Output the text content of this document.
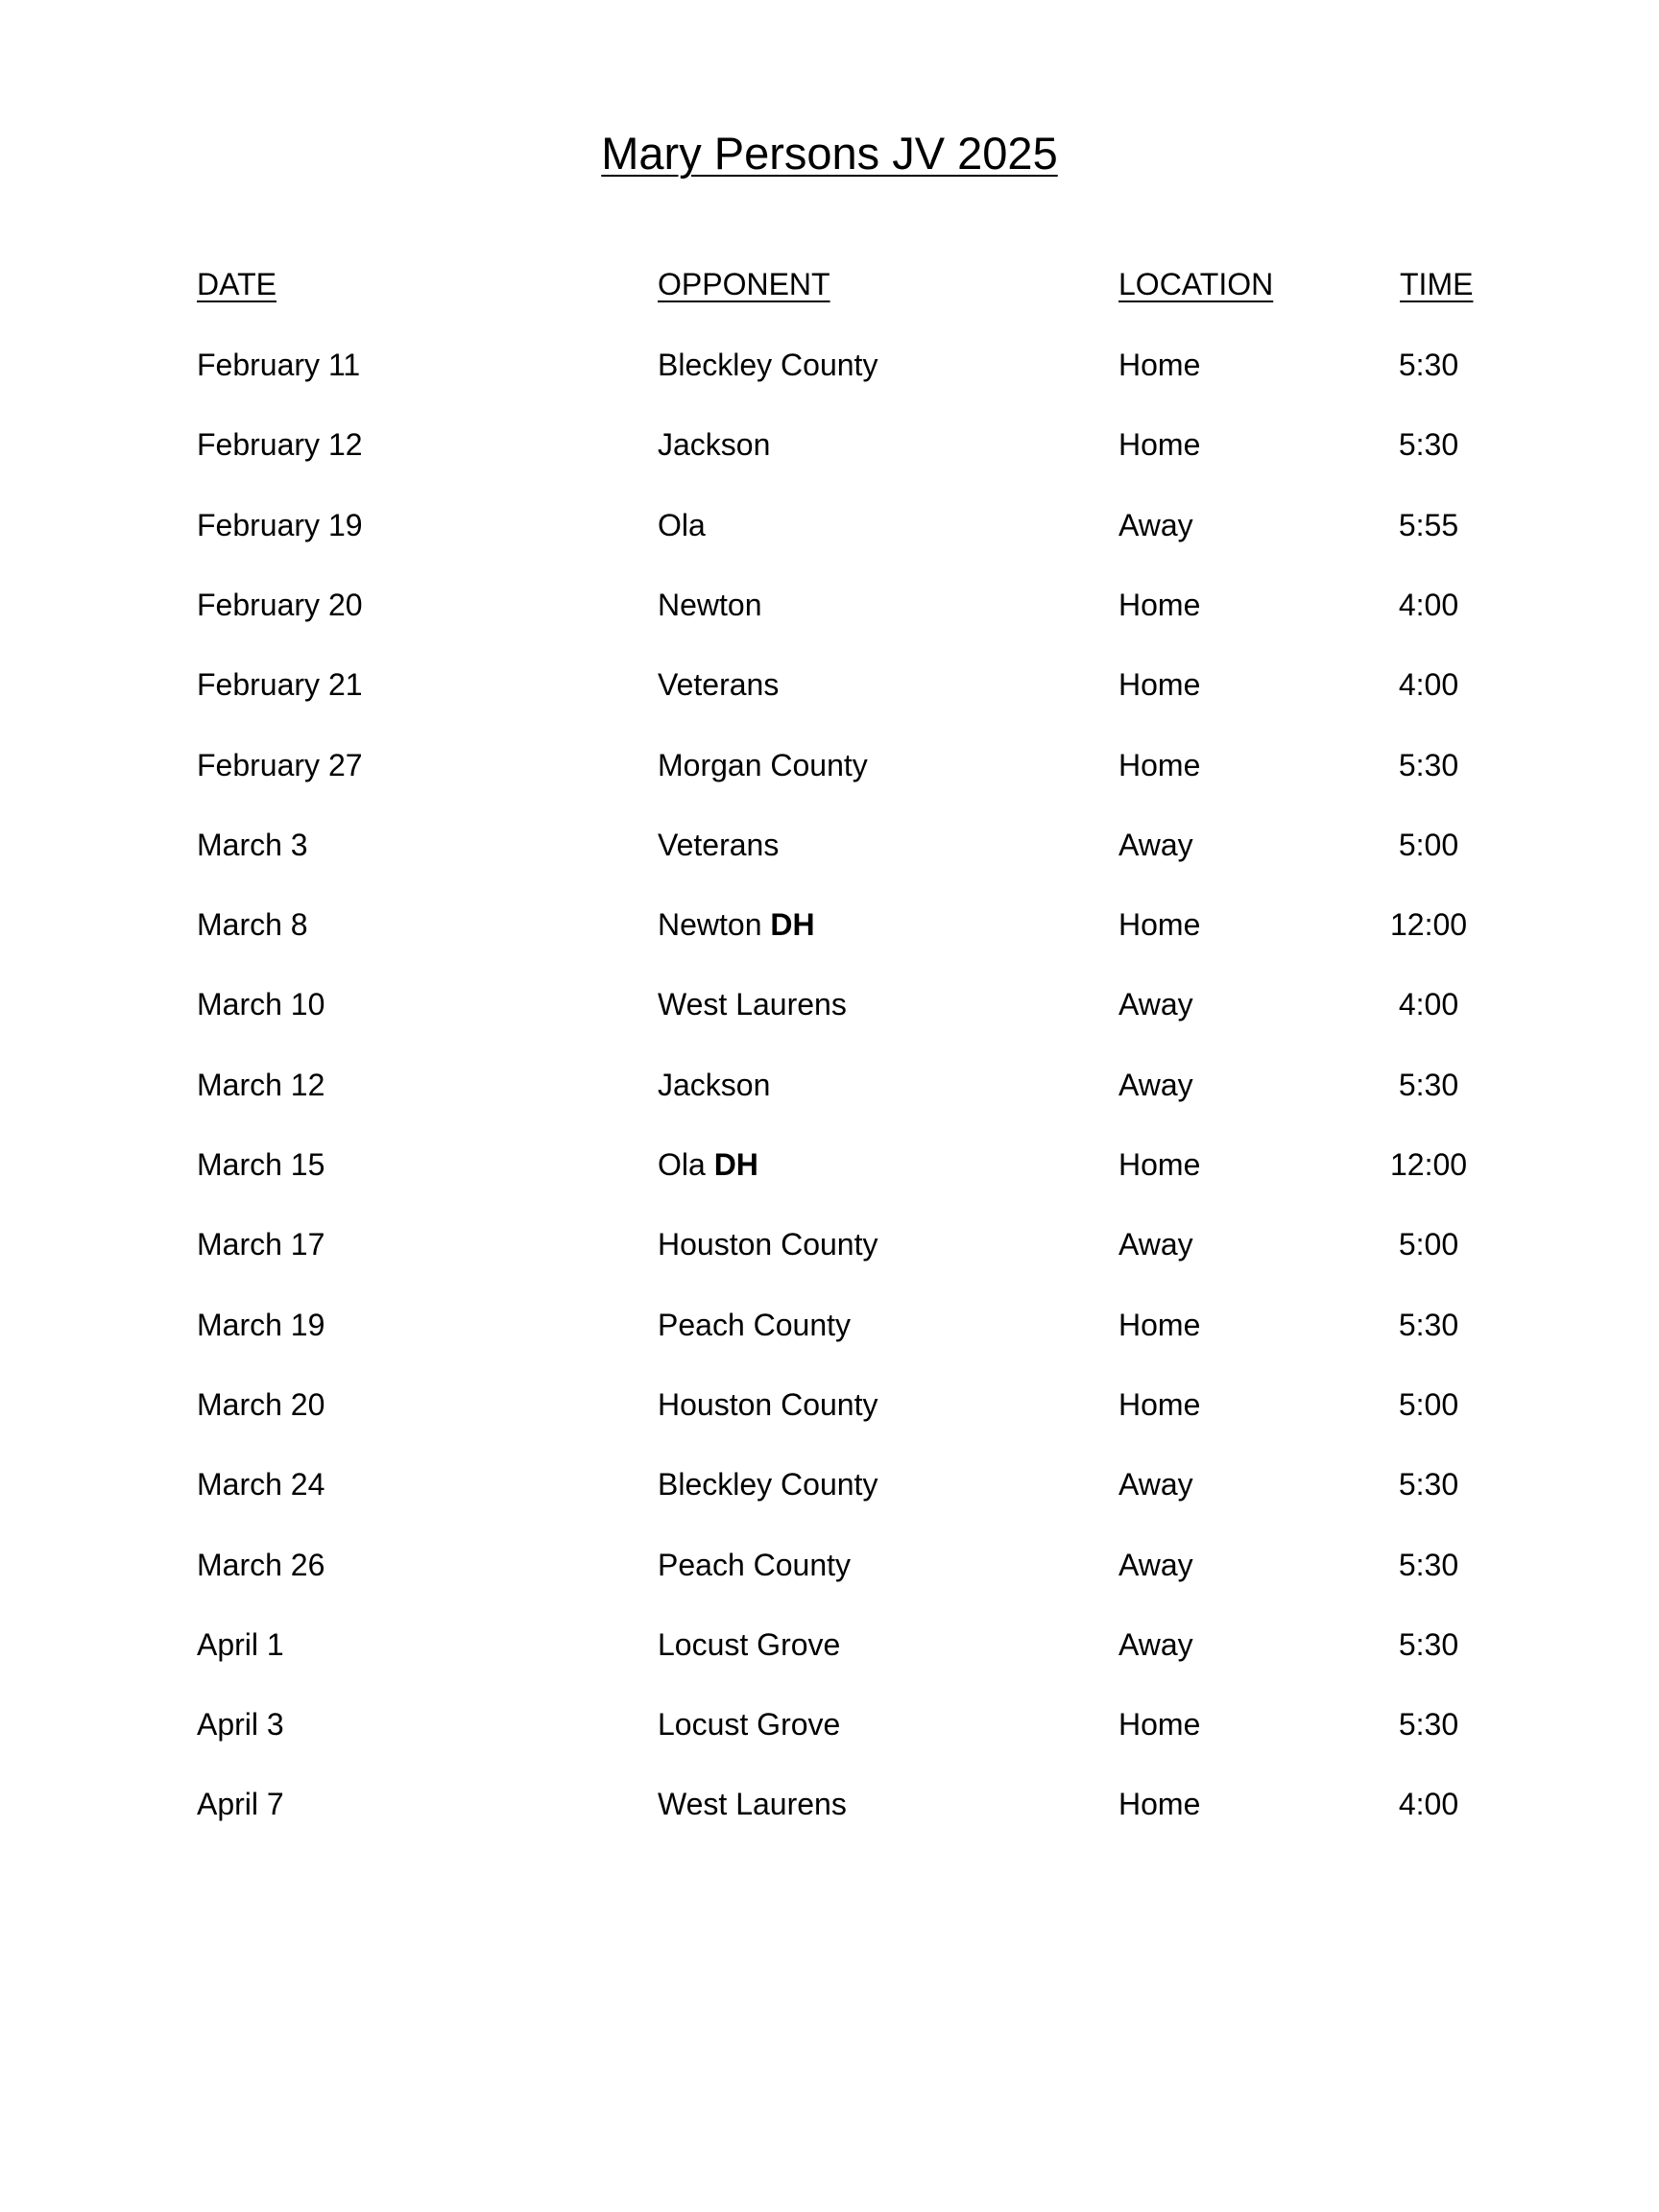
Mary Persons JV 2025
DATE	OPPONENT	LOCATION	TIME
February 11	Bleckley County	Home	5:30
February 12	Jackson	Home	5:30
February 19	Ola	Away	5:55
February 20	Newton	Home	4:00
February 21	Veterans	Home	4:00
February 27	Morgan County	Home	5:30
March 3	Veterans	Away	5:00
March 8	Newton DH	Home	12:00
March 10	West Laurens	Away	4:00
March 12	Jackson	Away	5:30
March 15	Ola DH	Home	12:00
March 17	Houston County	Away	5:00
March 19	Peach County	Home	5:30
March 20	Houston County	Home	5:00
March 24	Bleckley County	Away	5:30
March 26	Peach County	Away	5:30
April 1	Locust Grove	Away	5:30
April 3	Locust Grove	Home	5:30
April 7	West Laurens	Home	4:00
